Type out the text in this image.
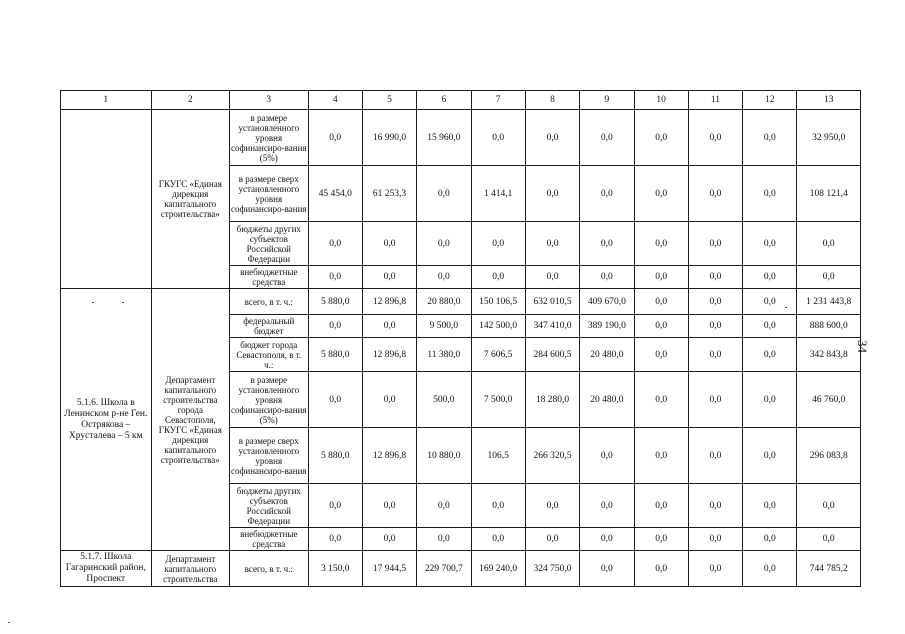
1	2	3	4	5	6	7	8	9	10	11	12	13
	ГКУГС «Единая дирекция капитального строительства»	в размере установленного уровня софинансиро-вания (5%)	0,0	16 990,0	15 960,0	0,0	0,0	0,0	0,0	0,0	0,0	32 950,0
		в размере сверх установленного уровня софинансиро-вания	45 454,0	61 253,3	0,0	1 414,1	0,0	0,0	0,0	0,0	0,0	108 121,4
		бюджеты других субъектов Российской Федерации	0,0	0,0	0,0	0,0	0,0	0,0	0,0	0,0	0,0	0,0
		внебюджетные средства	0,0	0,0	0,0	0,0	0,0	0,0	0,0	0,0	0,0	0,0
5.1.6. Школа в Ленинском р-не Ген. Острякова – Хрусталева – 5 км	Департамент капитального строительства города Севастополя, ГКУГС «Единая дирекция капитального строительства»	всего, в т. ч.:	5 880,0	12 896,8	20 880,0	150 106,5	632 010,5	409 670,0	0,0	0,0	0,0	1 231 443,8
		федеральный бюджет	0,0	0,0	9 500,0	142 500,0	347 410,0	389 190,0	0,0	0,0	0,0	888 600,0
		бюджет города Севастополя, в т. ч.:	5 880,0	12 896,8	11 380,0	7 606,5	284 600,5	20 480,0	0,0	0,0	0,0	342 843,8
		в размере установленного уровня софинансиро-вания (5%)	0,0	0,0	500,0	7 500,0	18 280,0	20 480,0	0,0	0,0	0,0	46 760,0
		в размере сверх установленного уровня софинансиро-вания	5 880,0	12 896,8	10 880,0	106,5	266 320,5	0,0	0,0	0,0	0,0	296 083,8
		бюджеты других субъектов Российской Федерации	0,0	0,0	0,0	0,0	0,0	0,0	0,0	0,0	0,0	0,0
		внебюджетные средства	0,0	0,0	0,0	0,0	0,0	0,0	0,0	0,0	0,0	0,0
5.1.7. Школа Гагаринский район, Проспект	Департамент капитального строительства	всего, в т. ч.:	3 150,0	17 944,5	229 700,7	169 240,0	324 750,0	0,0	0,0	0,0	0,0	744 785,2
34
